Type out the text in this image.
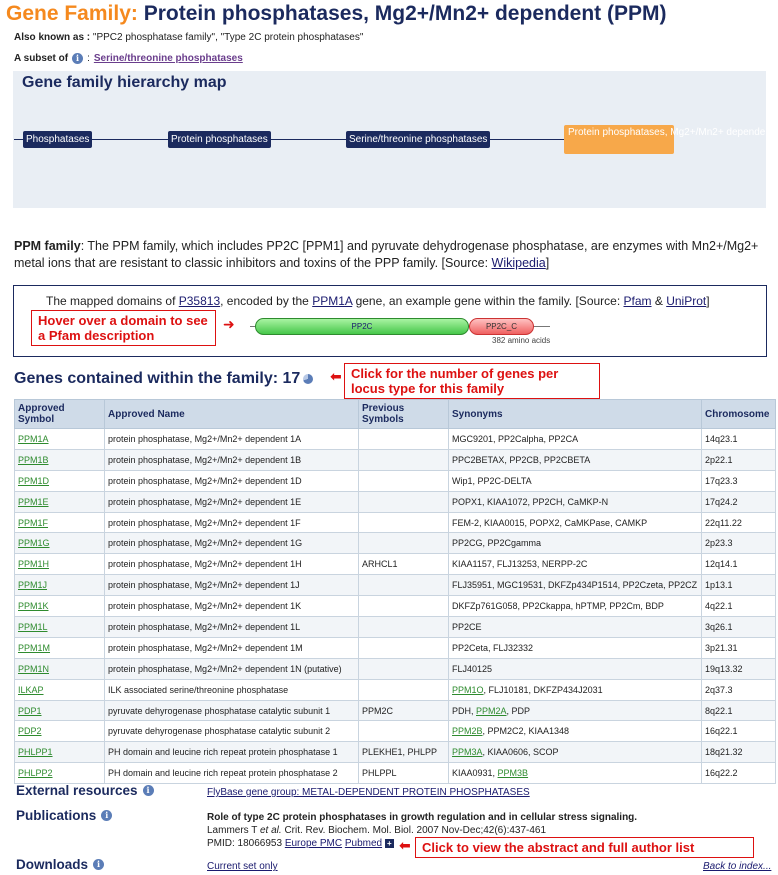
Gene Family: Protein phosphatases, Mg2+/Mn2+ dependent (PPM)
Also known as : "PPC2 phosphatase family", "Type 2C protein phosphatases"
A subset of i : Serine/threonine phosphatases
Gene family hierarchy map
Phosphatases	Protein phosphatases	Serine/threonine phosphatases
Protein phosphatases, Mg2+/Mn2+ dependent
PPM family: The PPM family, which includes PP2C [PPM1] and pyruvate dehydrogenase phosphatase, are enzymes with Mn2+/Mg2+ metal ions that are resistant to classic inhibitors and toxins of the PPP family. [Source: Wikipedia]
The mapped domains of P35813, encoded by the PPM1A gene, an example gene within the family. [Source: Pfam & UniProt]
Hover over a domain to see a Pfam description
➜	PP2C	PP2C_C
382 amino acids
Genes contained within the family: 17	⬅ Click for the number of genes per locus type for this family
Approved Symbol	Approved Name	Previous Symbols	Synonyms	Chromosome
PPM1A	protein phosphatase, Mg2+/Mn2+ dependent 1A		MGC9201, PP2Calpha, PP2CA	14q23.1
PPM1B	protein phosphatase, Mg2+/Mn2+ dependent 1B		PPC2BETAX, PP2CB, PP2CBETA	2p22.1
PPM1D	protein phosphatase, Mg2+/Mn2+ dependent 1D		Wip1, PP2C-DELTA	17q23.3
PPM1E	protein phosphatase, Mg2+/Mn2+ dependent 1E		POPX1, KIAA1072, PP2CH, CaMKP-N	17q24.2
PPM1F	protein phosphatase, Mg2+/Mn2+ dependent 1F		FEM-2, KIAA0015, POPX2, CaMKPase, CAMKP	22q11.22
PPM1G	protein phosphatase, Mg2+/Mn2+ dependent 1G		PP2CG, PP2Cgamma	2p23.3
PPM1H	protein phosphatase, Mg2+/Mn2+ dependent 1H	ARHCL1	KIAA1157, FLJ13253, NERPP-2C	12q14.1
PPM1J	protein phosphatase, Mg2+/Mn2+ dependent 1J		FLJ35951, MGC19531, DKFZp434P1514, PP2Czeta, PP2CZ	1p13.1
PPM1K	protein phosphatase, Mg2+/Mn2+ dependent 1K		DKFZp761G058, PP2Ckappa, hPTMP, PP2Cm, BDP	4q22.1
PPM1L	protein phosphatase, Mg2+/Mn2+ dependent 1L		PP2CE	3q26.1
PPM1M	protein phosphatase, Mg2+/Mn2+ dependent 1M		PP2Ceta, FLJ32332	3p21.31
PPM1N	protein phosphatase, Mg2+/Mn2+ dependent 1N (putative)		FLJ40125	19q13.32
ILKAP	ILK associated serine/threonine phosphatase		PPM1O, FLJ10181, DKFZP434J2031	2q37.3
PDP1	pyruvate dehyrogenase phosphatase catalytic subunit 1	PPM2C	PDH, PPM2A, PDP	8q22.1
PDP2	pyruvate dehyrogenase phosphatase catalytic subunit 2		PPM2B, PPM2C2, KIAA1348	16q22.1
PHLPP1	PH domain and leucine rich repeat protein phosphatase 1	PLEKHE1, PHLPP	PPM3A, KIAA0606, SCOP	18q21.32
PHLPP2	PH domain and leucine rich repeat protein phosphatase 2	PHLPPL	KIAA0931, PPM3B	16q22.2
External resources	i	FlyBase gene group: METAL-DEPENDENT PROTEIN PHOSPHATASES
Publications	i	Role of type 2C protein phosphatases in growth regulation and in cellular stress signaling.
Lammers T et al. Crit. Rev. Biochem. Mol. Biol. 2007 Nov-Dec;42(6):437-461
PMID: 18066953 Europe PMC Pubmed + ⬅ Click to view the abstract and full author list
Downloads	i	Current set only	Back to index...
